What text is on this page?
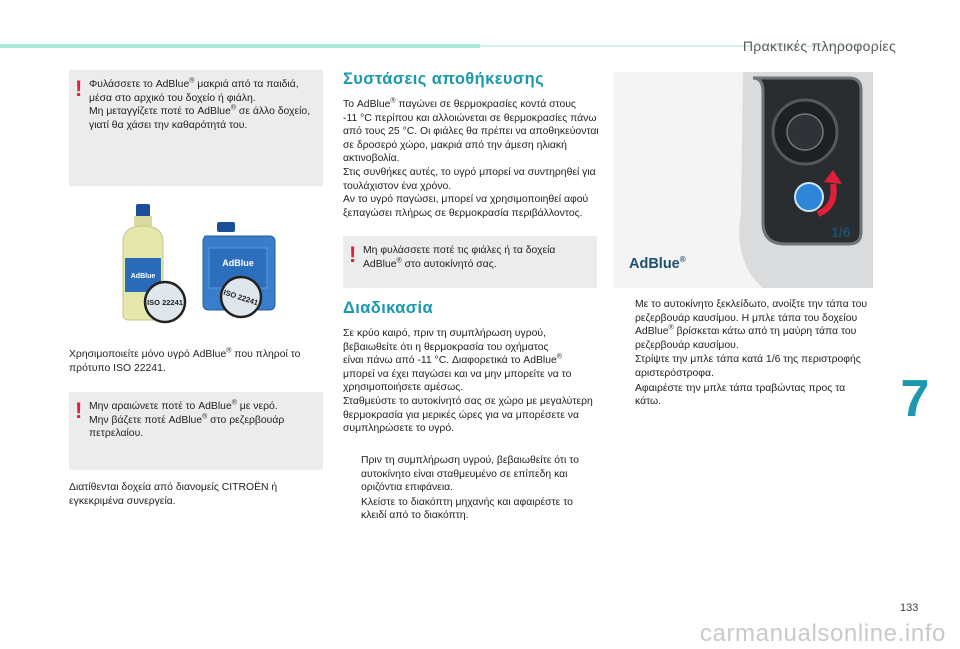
Πρακτικές πληροφορίες
! Φυλάσσετε το AdBlue® μακριά από τα παιδιά,

μέσα στο αρχικό του δοχείο ή φιάλη.

Μη μεταγγίζετε ποτέ το AdBlue® σε άλλο δοχείο,

γιατί θα χάσει την καθαρότητά του.

AdBlue
AdBlue
ISO 22241	ISO 22241

Χρησιμοποιείτε μόνο υγρό AdBlue® που πληροί το

πρότυπο ISO 22241.

! Μην αραιώνετε ποτέ το AdBlue® με νερό.

Μην βάζετε ποτέ AdBlue® στο ρεζερβουάρ

πετρελαίου.

Διατίθενται δοχεία από διανομείς CITROËN ή

εγκεκριμένα συνεργεία.

Συστάσεις αποθήκευσης

Το AdBlue® παγώνει σε θερμοκρασίες κοντά στους

-11 °C περίπου και αλλοιώνεται σε θερμοκρασίες πάνω

από τους 25 °C. Οι φιάλες θα πρέπει να αποθηκεύονται

σε δροσερό χώρο, μακριά από την άμεση ηλιακή

ακτινοβολία.

Στις συνθήκες αυτές, το υγρό μπορεί να συντηρηθεί για

τουλάχιστον ένα χρόνο.

Αν το υγρό παγώσει, μπορεί να χρησιμοποιηθεί αφού

ξεπαγώσει πλήρως σε θερμοκρασία περιβάλλοντος.

! Μη φυλάσσετε ποτέ τις φιάλες ή τα δοχεία

AdBlue® στο αυτοκίνητό σας.

Διαδικασία

Σε κρύο καιρό, πριν τη συμπλήρωση υγρού,

βεβαιωθείτε ότι η θερμοκρασία του οχήματος

είναι πάνω από -11 °C. Διαφορετικά το AdBlue®

μπορεί να έχει παγώσει και να μην μπορείτε να το

χρησιμοποιήσετε αμέσως.

Σταθμεύστε το αυτοκίνητό σας σε χώρο με μεγαλύτερη

θερμοκρασία για μερικές ώρες για να μπορέσετε να

συμπληρώσετε το υγρό.

Πριν τη συμπλήρωση υγρού, βεβαιωθείτε ότι το
αυτοκίνητο είναι σταθμευμένο σε επίπεδη και
οριζόντια επιφάνεια.
Κλείστε το διακόπτη μηχανής και αφαιρέστε το
κλειδί από το διακόπτη.
1/6
AdBlue®
Με το αυτοκίνητο ξεκλείδωτο, ανοίξτε την τάπα του
ρεζερβουάρ καυσίμου. Η μπλε τάπα του δοχείου
AdBlue® βρίσκεται κάτω από τη μαύρη τάπα του
ρεζερβουάρ καυσίμου.
Στρίψτε την μπλε τάπα κατά 1/6 της περιστροφής
αριστερόστροφα.
Αφαιρέστε την μπλε τάπα τραβώντας προς τα
κάτω.	7
133
carmanualsonline.info
